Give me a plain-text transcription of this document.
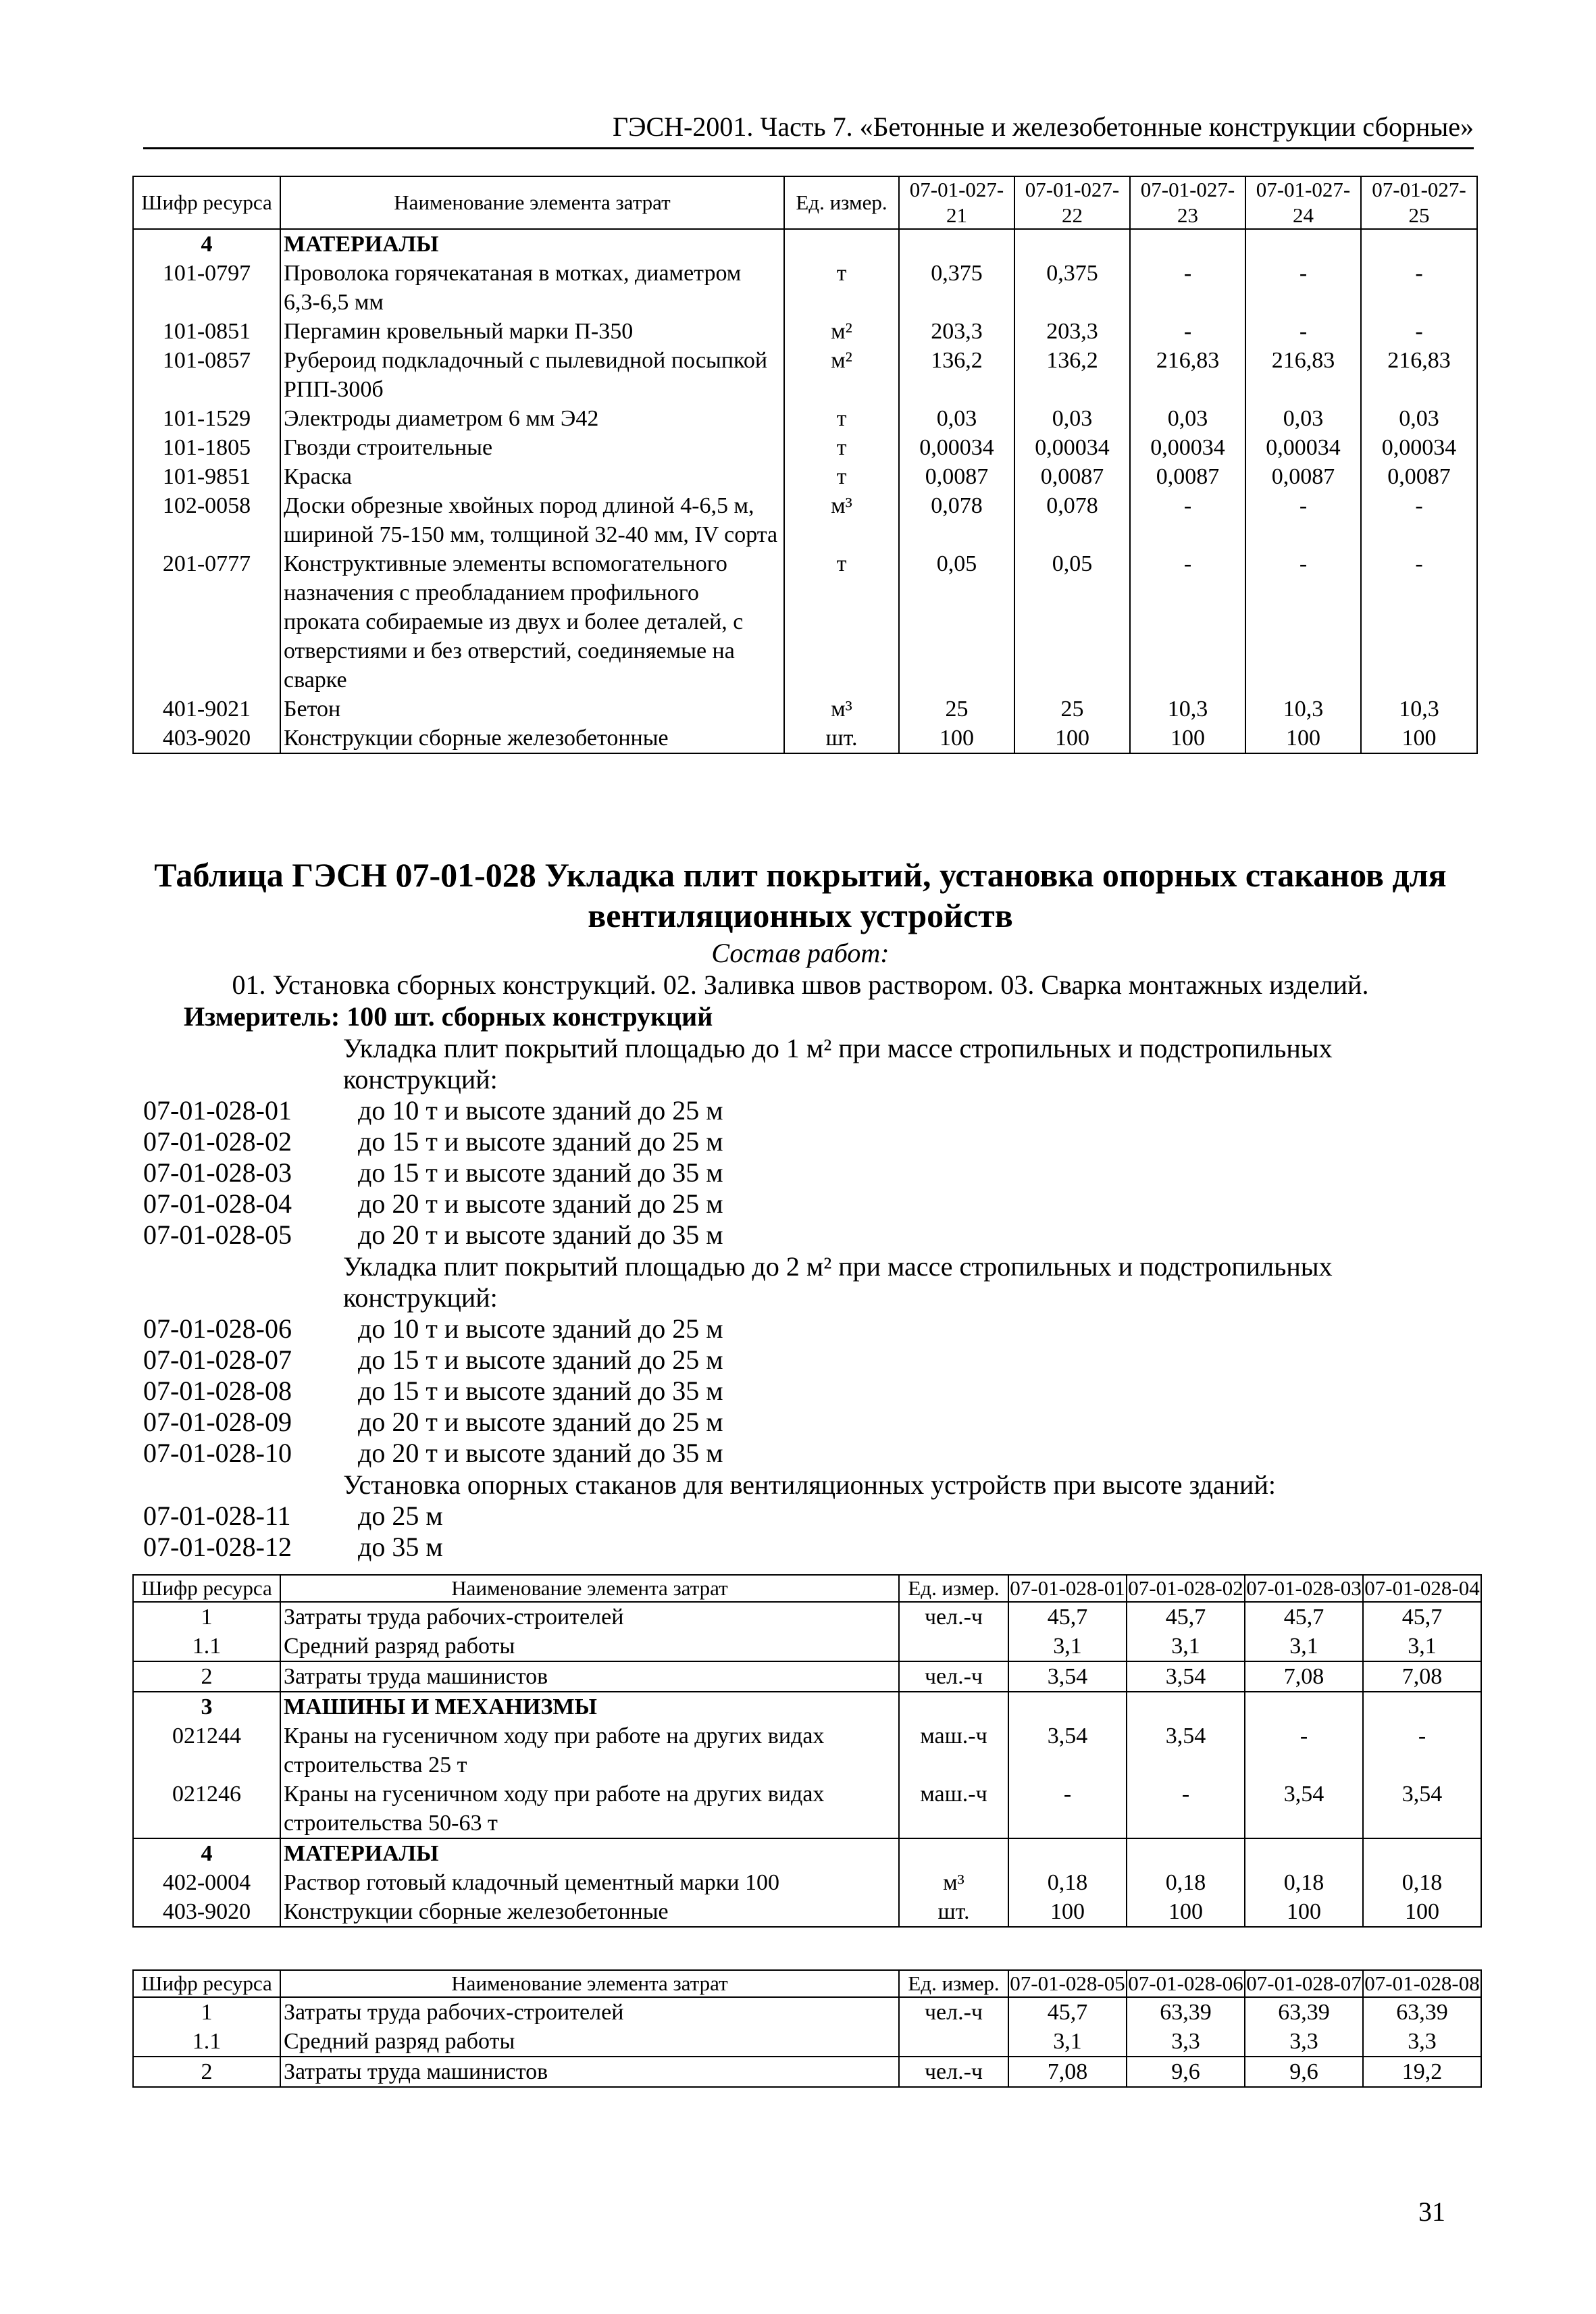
ГЭСН-2001. Часть 7. «Бетонные и железобетонные конструкции сборные»
Шифр ресурса	Наименование элемента затрат	Ед. измер.	07-01-027-21	07-01-027-22	07-01-027-23	07-01-027-24	07-01-027-25
4	МАТЕРИАЛЫ						
101-0797	Проволока горячекатаная в мотках, диаметром 6,3-6,5 мм	т	0,375	0,375	-	-	-
101-0851	Пергамин кровельный марки П-350	м²	203,3	203,3	-	-	-
101-0857	Рубероид подкладочный с пылевидной посыпкой РПП-300б	м²	136,2	136,2	216,83	216,83	216,83
101-1529	Электроды диаметром 6 мм Э42	т	0,03	0,03	0,03	0,03	0,03
101-1805	Гвозди строительные	т	0,00034	0,00034	0,00034	0,00034	0,00034
101-9851	Краска	т	0,0087	0,0087	0,0087	0,0087	0,0087
102-0058	Доски обрезные хвойных пород длиной 4-6,5 м, шириной 75-150 мм, толщиной 32-40 мм, IV сорта	м³	0,078	0,078	-	-	-
201-0777	Конструктивные элементы вспомогательного назначения с преобладанием профильного проката собираемые из двух и более деталей, с отверстиями и без отверстий, соединяемые на сварке	т	0,05	0,05	-	-	-
401-9021	Бетон	м³	25	25	10,3	10,3	10,3
403-9020	Конструкции сборные железобетонные	шт.	100	100	100	100	100
Таблица ГЭСН 07-01-028 Укладка плит покрытий, установка опорных стаканов для вентиляционных устройств
Состав работ:
01. Установка сборных конструкций. 02. Заливка швов раствором. 03. Сварка монтажных изделий.
Измеритель: 100 шт. сборных конструкций
Укладка плит покрытий площадью до 1 м² при массе стропильных и подстропильных конструкций:
07-01-028-01	до 10 т и высоте зданий до 25 м
07-01-028-02	до 15 т и высоте зданий до 25 м
07-01-028-03	до 15 т и высоте зданий до 35 м
07-01-028-04	до 20 т и высоте зданий до 25 м
07-01-028-05	до 20 т и высоте зданий до 35 м
Укладка плит покрытий площадью до 2 м² при массе стропильных и подстропильных конструкций:
07-01-028-06	до 10 т и высоте зданий до 25 м
07-01-028-07	до 15 т и высоте зданий до 25 м
07-01-028-08	до 15 т и высоте зданий до 35 м
07-01-028-09	до 20 т и высоте зданий до 25 м
07-01-028-10	до 20 т и высоте зданий до 35 м
Установка опорных стаканов для вентиляционных устройств при высоте зданий:
07-01-028-11	до 25 м
07-01-028-12	до 35 м
Шифр ресурса	Наименование элемента затрат	Ед. измер.	07-01-028-01	07-01-028-02	07-01-028-03	07-01-028-04
1	Затраты труда рабочих-строителей	чел.-ч	45,7	45,7	45,7	45,7
1.1	Средний разряд работы		3,1	3,1	3,1	3,1
2	Затраты труда машинистов	чел.-ч	3,54	3,54	7,08	7,08
3	МАШИНЫ И МЕХАНИЗМЫ					
021244	Краны на гусеничном ходу при работе на других видах строительства 25 т	маш.-ч	3,54	3,54	-	-
021246	Краны на гусеничном ходу при работе на других видах строительства 50-63 т	маш.-ч	-	-	3,54	3,54
4	МАТЕРИАЛЫ					
402-0004	Раствор готовый кладочный цементный марки 100	м³	0,18	0,18	0,18	0,18
403-9020	Конструкции сборные железобетонные	шт.	100	100	100	100
Шифр ресурса	Наименование элемента затрат	Ед. измер.	07-01-028-05	07-01-028-06	07-01-028-07	07-01-028-08
1	Затраты труда рабочих-строителей	чел.-ч	45,7	63,39	63,39	63,39
1.1	Средний разряд работы		3,1	3,3	3,3	3,3
2	Затраты труда машинистов	чел.-ч	7,08	9,6	9,6	19,2
31
